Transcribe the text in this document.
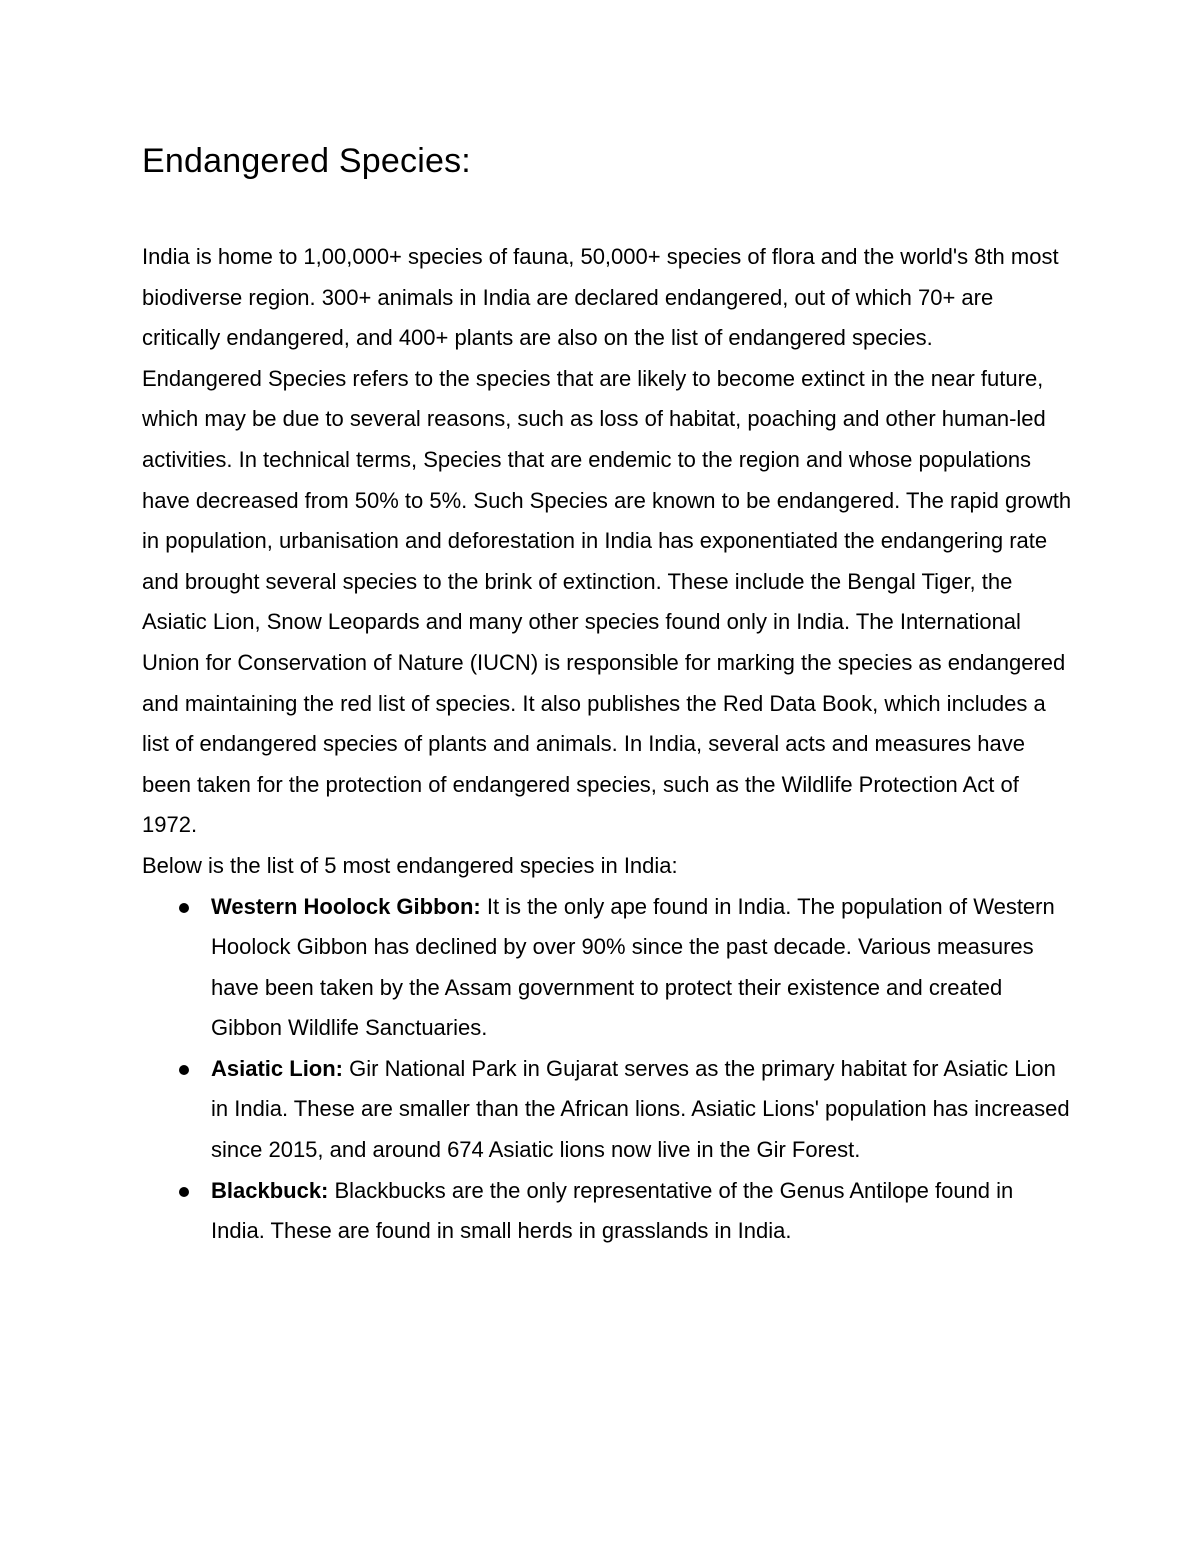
Endangered Species:

India is home to 1,00,000+ species of fauna, 50,000+ species of flora and the world's 8th most biodiverse region. 300+ animals in India are declared endangered, out of which 70+ are critically endangered, and 400+ plants are also on the list of endangered species.

Endangered Species refers to the species that are likely to become extinct in the near future, which may be due to several reasons, such as loss of habitat, poaching and other human-led activities. In technical terms, Species that are endemic to the region and whose populations have decreased from 50% to 5%. Such Species are known to be endangered. The rapid growth in population, urbanisation and deforestation in India has exponentiated the endangering rate and brought several species to the brink of extinction. These include the Bengal Tiger, the Asiatic Lion, Snow Leopards and many other species found only in India. The International Union for Conservation of Nature (IUCN) is responsible for marking the species as endangered and maintaining the red list of species. It also publishes the Red Data Book, which includes a list of endangered species of plants and animals. In India, several acts and measures have been taken for the protection of endangered species, such as the Wildlife Protection Act of 1972.

Below is the list of 5 most endangered species in India:

Western Hoolock Gibbon: It is the only ape found in India. The population of Western Hoolock Gibbon has declined by over 90% since the past decade. Various measures have been taken by the Assam government to protect their existence and created Gibbon Wildlife Sanctuaries.
Asiatic Lion: Gir National Park in Gujarat serves as the primary habitat for Asiatic Lion in India. These are smaller than the African lions. Asiatic Lions' population has increased since 2015, and around 674 Asiatic lions now live in the Gir Forest.
Blackbuck: Blackbucks are the only representative of the Genus Antilope found in India. These are found in small herds in grasslands in India.
